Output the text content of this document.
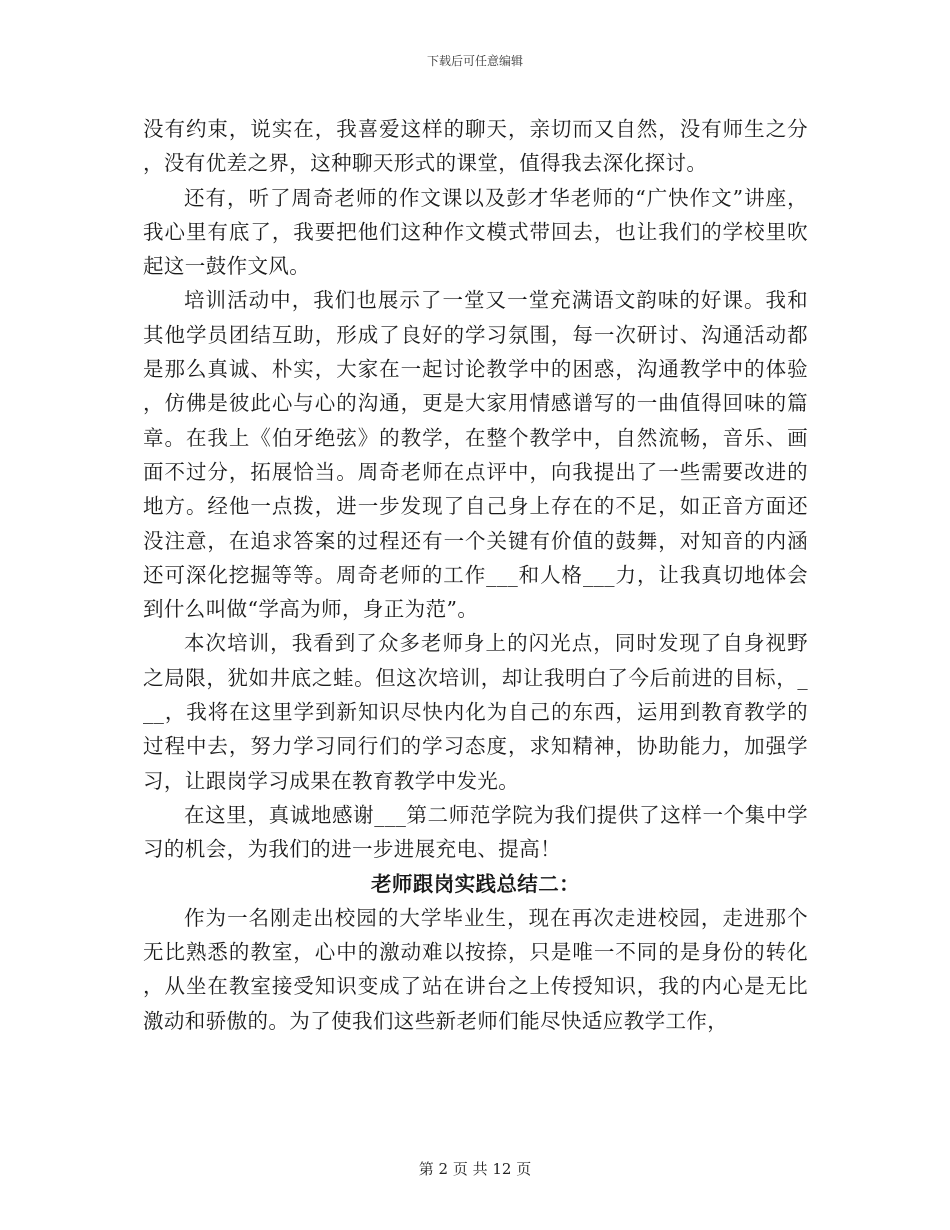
下载后可任意编辑

没有约束，说实在，我喜爱这样的聊天，亲切而又自然，没有师生之分，没有优差之界，这种聊天形式的课堂，值得我去深化探讨。

还有，听了周奇老师的作文课以及彭才华老师的“广快作文”讲座，我心里有底了，我要把他们这种作文模式带回去，也让我们的学校里吹起这一鼓作文风。

培训活动中，我们也展示了一堂又一堂充满语文韵味的好课。我和其他学员团结互助，形成了良好的学习氛围，每一次研讨、沟通活动都是那么真诚、朴实，大家在一起讨论教学中的困惑，沟通教学中的体验，仿佛是彼此心与心的沟通，更是大家用情感谱写的一曲值得回味的篇章。在我上《伯牙绝弦》的教学，在整个教学中，自然流畅，音乐、画面不过分，拓展恰当。周奇老师在点评中，向我提出了一些需要改进的地方。经他一点拨，进一步发现了自己身上存在的不足，如正音方面还没注意，在追求答案的过程还有一个关键有价值的鼓舞，对知音的内涵还可深化挖掘等等。周奇老师的工作___和人格___力，让我真切地体会到什么叫做“学高为师，身正为范”。

本次培训，我看到了众多老师身上的闪光点，同时发现了自身视野之局限，犹如井底之蛙。但这次培训，却让我明白了今后前进的目标，___，我将在这里学到新知识尽快内化为自己的东西，运用到教育教学的过程中去，努力学习同行们的学习态度，求知精神，协助能力，加强学习，让跟岗学习成果在教育教学中发光。

在这里，真诚地感谢___第二师范学院为我们提供了这样一个集中学习的机会，为我们的进一步进展充电、提高！

老师跟岗实践总结二：

作为一名刚走出校园的大学毕业生，现在再次走进校园，走进那个无比熟悉的教室，心中的激动难以按捺，只是唯一不同的是身份的转化，从坐在教室接受知识变成了站在讲台之上传授知识，我的内心是无比激动和骄傲的。为了使我们这些新老师们能尽快适应教学工作，

第 2 页 共 12 页
